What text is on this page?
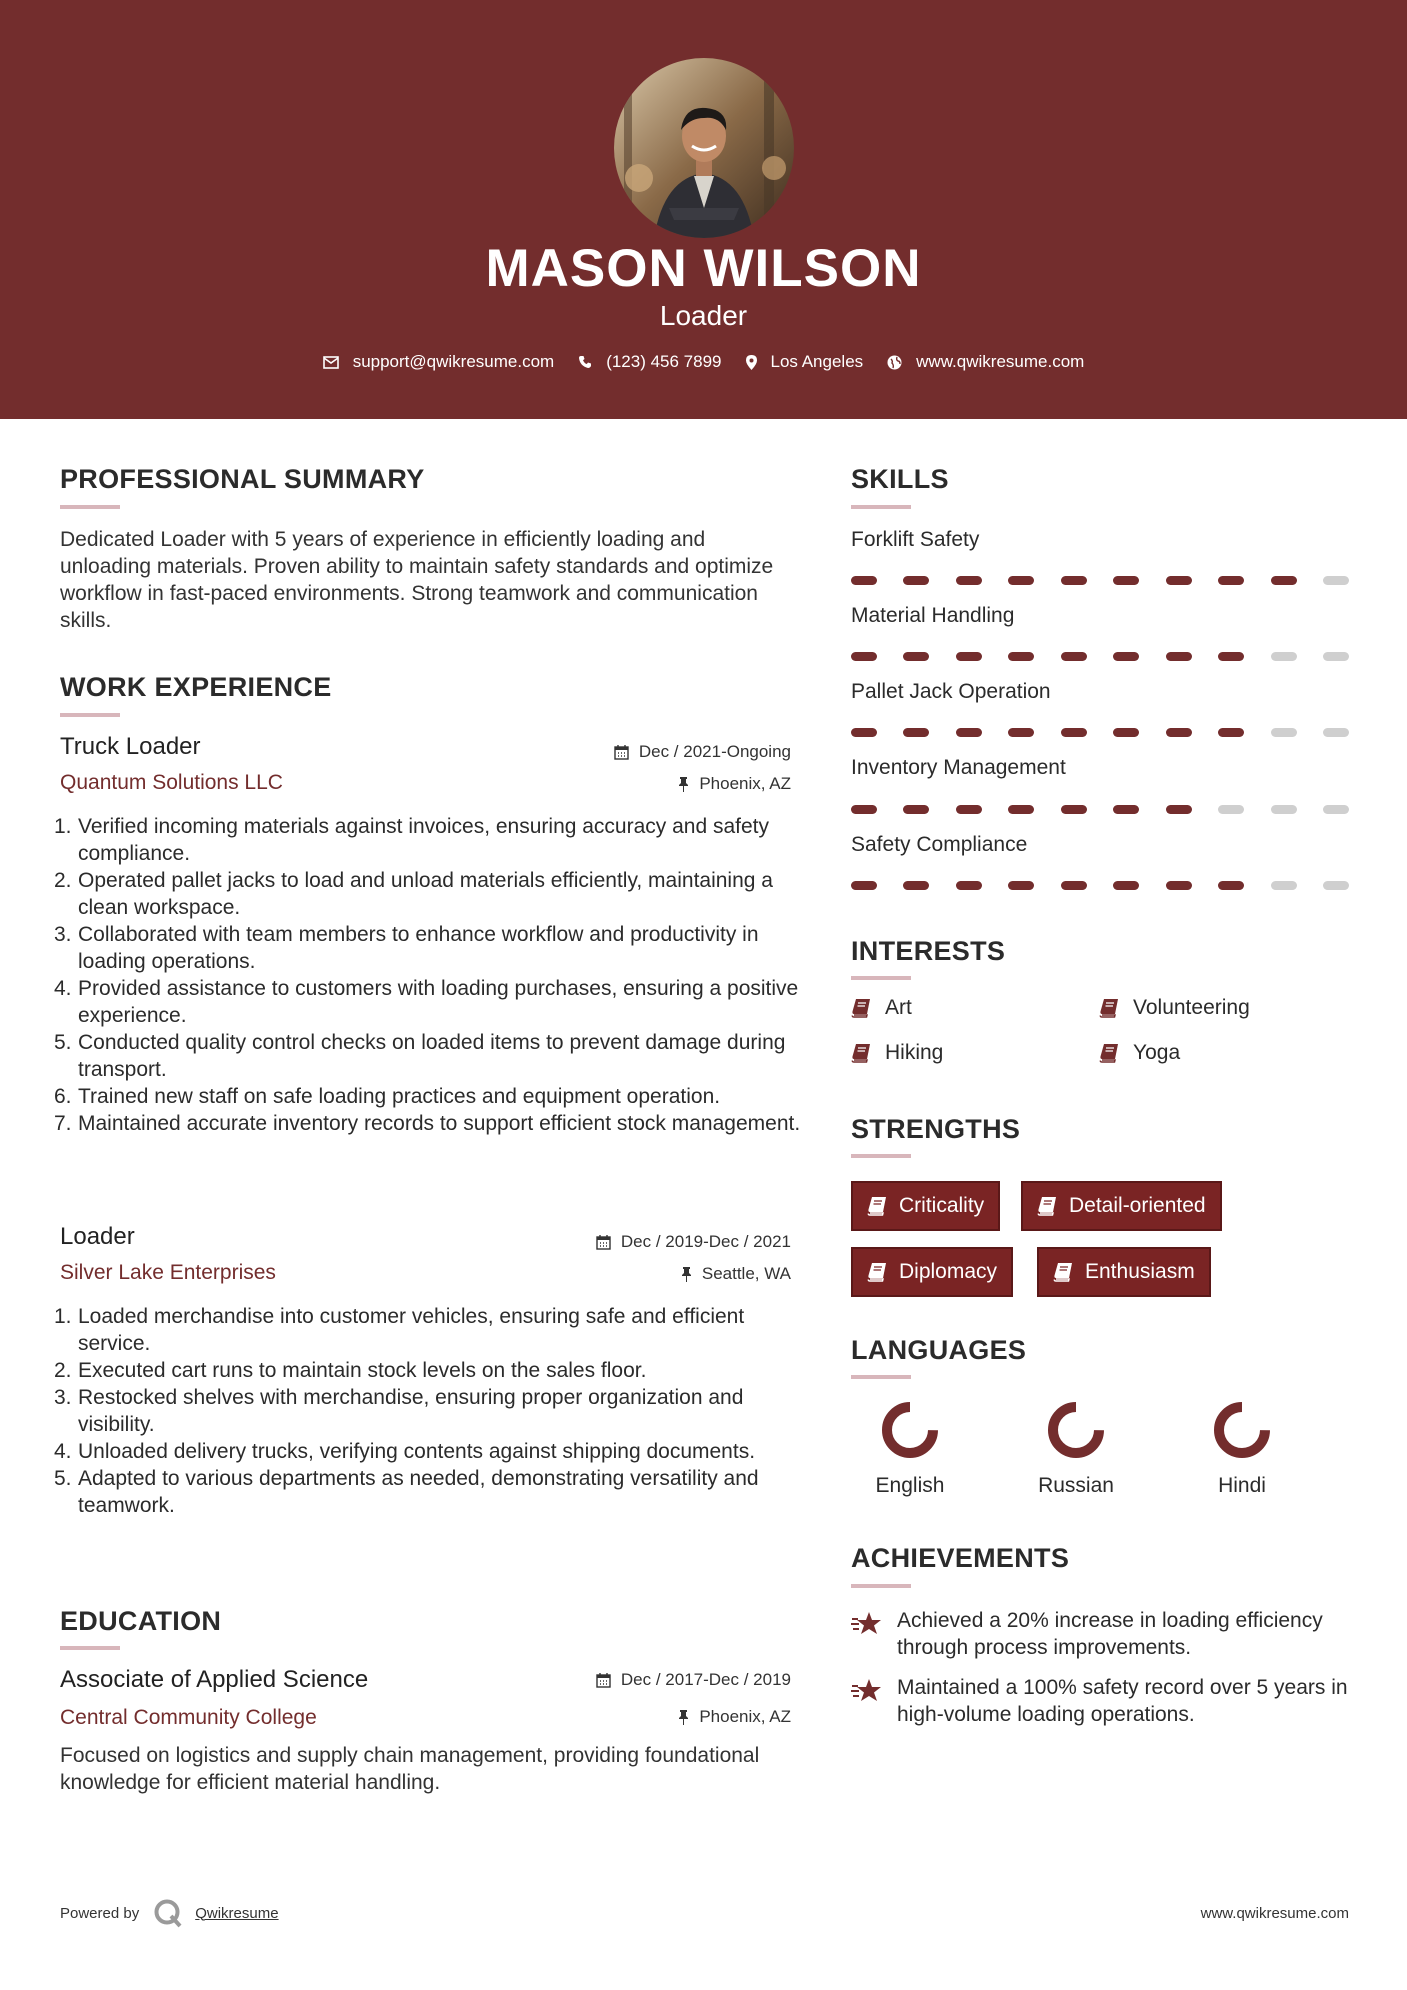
MASON WILSON
Loader
support@qwikresume.com	(123) 456 7899	Los Angeles	www.qwikresume.com
PROFESSIONAL SUMMARY
Dedicated Loader with 5 years of experience in efficiently loading and unloading materials. Proven ability to maintain safety standards and optimize workflow in fast-paced environments. Strong teamwork and communication skills.
WORK EXPERIENCE
Truck Loader	Dec / 2021-Ongoing
Quantum Solutions LLC	Phoenix, AZ
1. Verified incoming materials against invoices, ensuring accuracy and safety compliance.
2. Operated pallet jacks to load and unload materials efficiently, maintaining a clean workspace.
3. Collaborated with team members to enhance workflow and productivity in loading operations.
4. Provided assistance to customers with loading purchases, ensuring a positive experience.
5. Conducted quality control checks on loaded items to prevent damage during transport.
6. Trained new staff on safe loading practices and equipment operation.
7. Maintained accurate inventory records to support efficient stock management.
Loader	Dec / 2019-Dec / 2021
Silver Lake Enterprises	Seattle, WA
1. Loaded merchandise into customer vehicles, ensuring safe and efficient service.
2. Executed cart runs to maintain stock levels on the sales floor.
3. Restocked shelves with merchandise, ensuring proper organization and visibility.
4. Unloaded delivery trucks, verifying contents against shipping documents.
5. Adapted to various departments as needed, demonstrating versatility and teamwork.
EDUCATION
Associate of Applied Science	Dec / 2017-Dec / 2019
Central Community College	Phoenix, AZ
Focused on logistics and supply chain management, providing foundational knowledge for efficient material handling.
SKILLS
Forklift Safety
Material Handling
Pallet Jack Operation
Inventory Management
Safety Compliance
INTERESTS
Art	Volunteering
Hiking	Yoga
STRENGTHS
Criticality	Detail-oriented
Diplomacy	Enthusiasm
LANGUAGES
English	Russian	Hindi
ACHIEVEMENTS
Achieved a 20% increase in loading efficiency through process improvements.
Maintained a 100% safety record over 5 years in high-volume loading operations.
Powered by	Qwikresume	www.qwikresume.com
